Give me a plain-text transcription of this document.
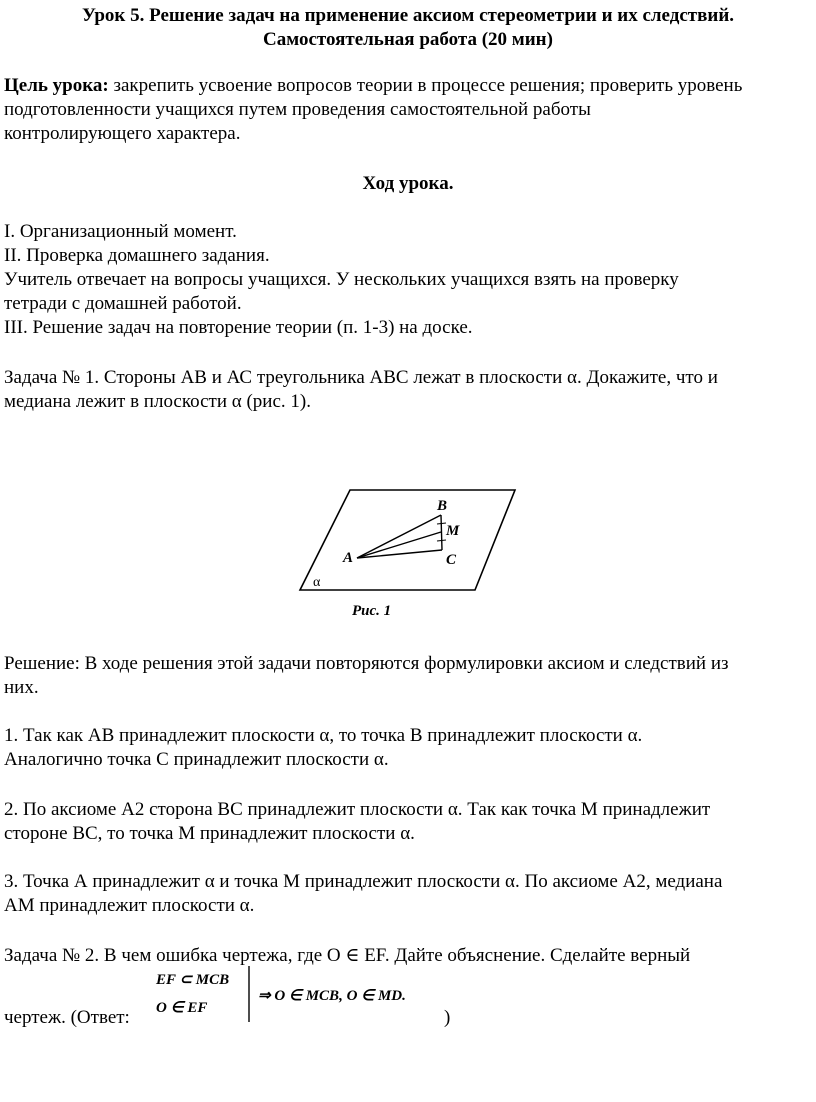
Урок 5. Решение задач на применение аксиом стереометрии и их следствий.
Самостоятельная работа (20 мин)
Цель урока: закрепить усвоение вопросов теории в процессе решения; проверить уровень
подготовленности учащихся путем проведения самостоятельной работы
контролирующего характера.
Ход урока.
I. Организационный момент.
II. Проверка домашнего задания.
Учитель отвечает на вопросы учащихся. У нескольких учащихся взять на проверку
тетради с домашней работой.
III. Решение задач на повторение теории (п. 1-3) на доске.
Задача № 1. Стороны АВ и АС треугольника АВС лежат в плоскости α. Докажите, что и
медиана лежит в плоскости α (рис. 1).
A
B
M
C
α
Рис. 1
Решение: В ходе решения этой задачи повторяются формулировки аксиом и следствий из
них.
1. Так как АВ принадлежит плоскости α, то точка В принадлежит плоскости α.
Аналогично точка С принадлежит плоскости α.
2. По аксиоме А2 сторона ВС принадлежит плоскости α. Так как точка М принадлежит
стороне ВС, то точка М принадлежит плоскости α.
3. Точка А принадлежит α и точка М принадлежит плоскости α. По аксиоме А2, медиана
АМ принадлежит плоскости α.
Задача № 2. В чем ошибка чертежа, где О ∈ EF. Дайте объяснение. Сделайте верный
чертеж. (Ответ:
EF ⊂ MCB
O ∈ EF
⇒ O ∈ MCB, O ∈ MD.
)
